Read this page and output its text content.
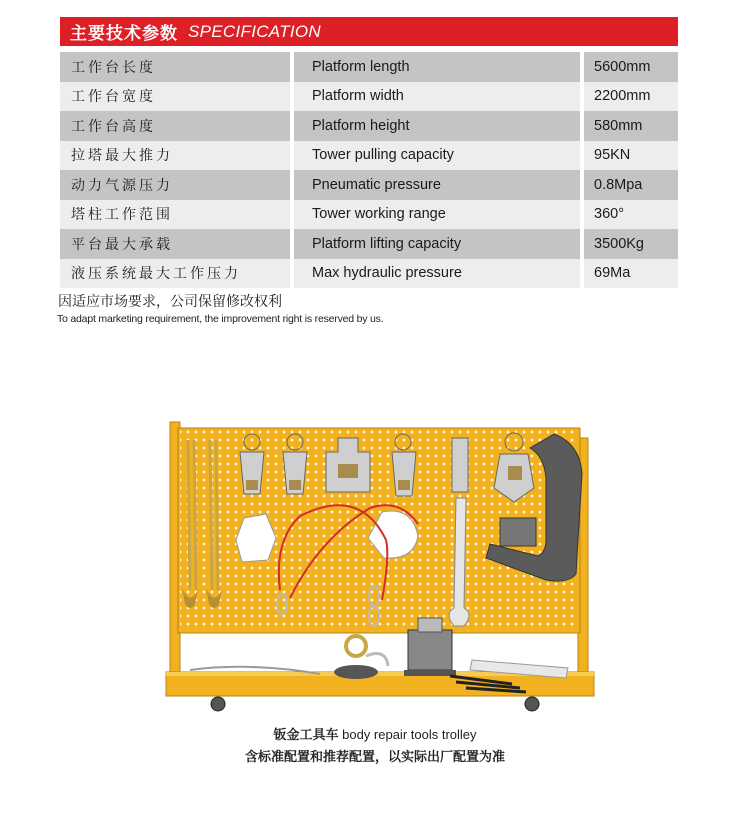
主要技术参数 SPECIFICATION
工作台长度	Platform length	5600mm
工作台宽度	Platform width	2200mm
工作台高度	Platform height	580mm
拉塔最大推力	Tower pulling capacity	95KN
动力气源压力	Pneumatic pressure	0.8Mpa
塔柱工作范围	Tower working range	360°
平台最大承载	Platform lifting capacity	3500Kg
液压系统最大工作压力	Max hydraulic pressure	69Ma
因适应市场要求，公司保留修改权利
To adapt marketing requirement, the improvement right is reserved by us.
钣金工具车 body repair tools trolley
含标准配置和推荐配置，以实际出厂配置为准
